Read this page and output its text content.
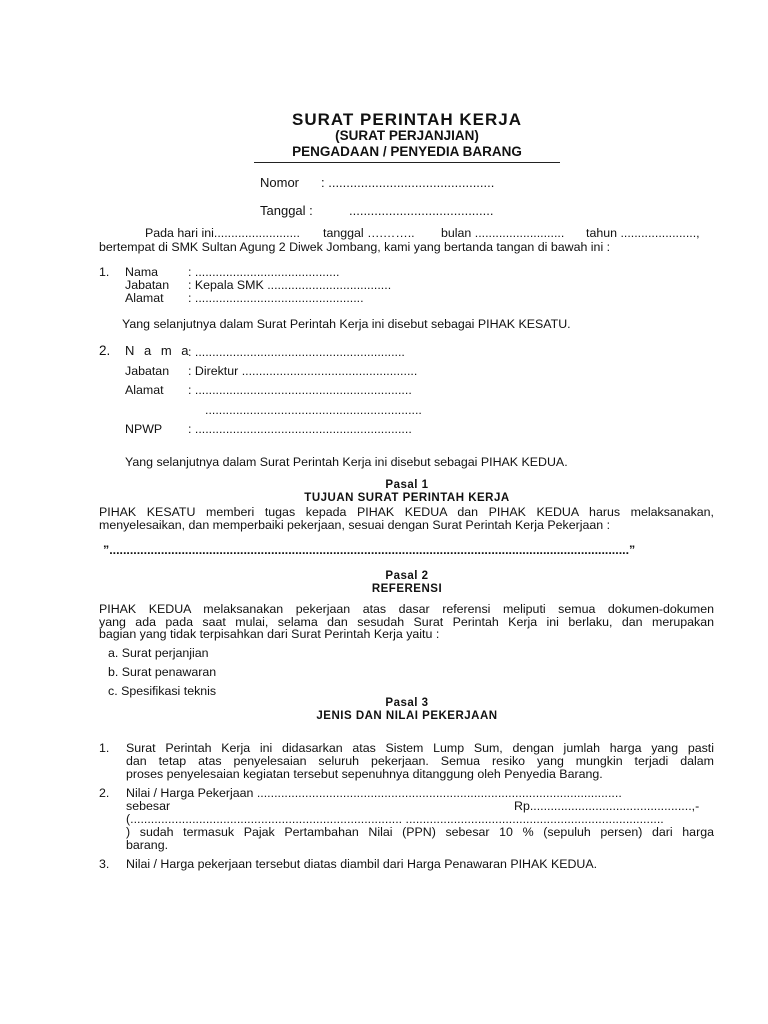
SURAT PERINTAH KERJA
(SURAT PERJANJIAN)
PENGADAAN / PENYEDIA BARANG
Nomor : ..............................................
Tanggal :	........................................
Pada hari ini......................... tanggal ….…….. bulan .......................... tahun ......................,
bertempat di SMK Sultan Agung 2 Diwek Jombang, kami yang bertanda tangan di bawah ini :
1. Nama : ..........................................
Jabatan : Kepala SMK ....................................
Alamat : .................................................
Yang selanjutnya dalam Surat Perintah Kerja ini disebut sebagai PIHAK KESATU.
2. N a m a
: .............................................................
Jabatan : Direktur ...................................................
Alamat : ...............................................................
...............................................................
NPWP : ...............................................................
Yang selanjutnya dalam Surat Perintah Kerja ini disebut sebagai PIHAK KEDUA.
Pasal 1
TUJUAN SURAT PERINTAH KERJA
PIHAK KESATU memberi tugas kepada PIHAK KEDUA dan PIHAK KEDUA harus melaksanakan,
menyelesaikan, dan memperbaiki pekerjaan, sesuai dengan Surat Perintah Kerja Pekerjaan :
”.......................................................................................................................................................”
Pasal 2
REFERENSI
PIHAK KEDUA melaksanakan pekerjaan atas dasar referensi meliputi semua dokumen-dokumen
yang ada pada saat mulai, selama dan sesudah Surat Perintah Kerja ini berlaku, dan merupakan
bagian yang tidak terpisahkan dari Surat Perintah Kerja yaitu :
a. Surat perjanjian
b. Surat penawaran
c. Spesifikasi teknis
Pasal 3
JENIS DAN NILAI PEKERJAAN
1. Surat Perintah Kerja ini didasarkan atas Sistem Lump Sum, dengan jumlah harga yang pasti
dan tetap atas penyelesaian seluruh pekerjaan. Semua resiko yang mungkin terjadi dalam
proses penyelesaian kegiatan tersebut sepenuhnya ditanggung oleh Penyedia Barang.
2. Nilai / Harga Pekerjaan ..........................................................................................................
sebesar	Rp...............................................,-
(............................................................................... ...........................................................................
) sudah termasuk Pajak Pertambahan Nilai (PPN) sebesar 10 % (sepuluh persen) dari harga
barang.
3. Nilai / Harga pekerjaan tersebut diatas diambil dari Harga Penawaran PIHAK KEDUA.
